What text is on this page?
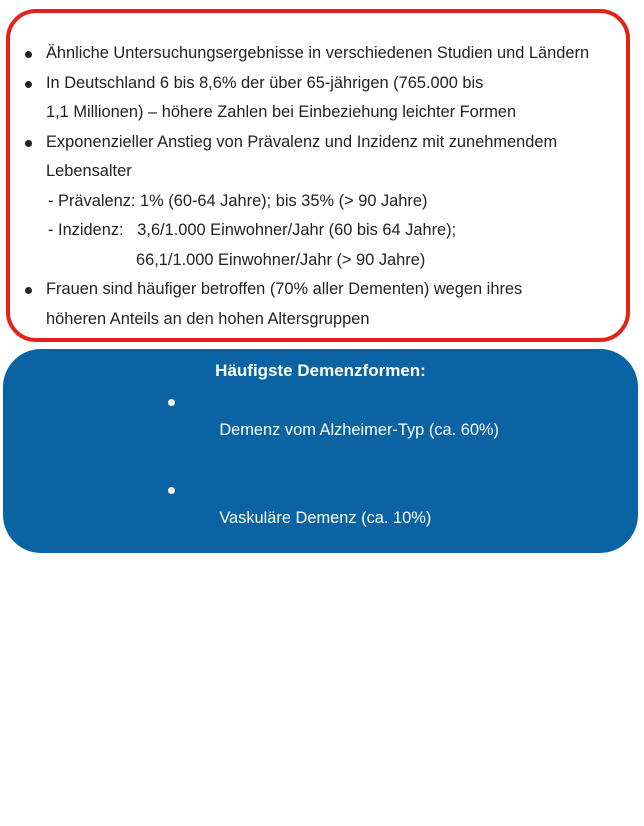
Ähnliche Untersuchungsergebnisse in verschiedenen Studien und Ländern
In Deutschland 6 bis 8,6% der über 65-jährigen (765.000 bis
1,1 Millionen) – höhere Zahlen bei Einbeziehung leichter Formen
Exponenzieller Anstieg von Prävalenz und Inzidenz mit zunehmendem
Lebensalter
- Prävalenz: 1% (60-64 Jahre); bis 35% (> 90 Jahre)
- Inzidenz:   3,6/1.000 Einwohner/Jahr (60 bis 64 Jahre);
66,1/1.000 Einwohner/Jahr (> 90 Jahre)
Frauen sind häufiger betroffen (70% aller Dementen) wegen ihres
höheren Anteils an den hohen Altersgruppen
Häufigste Demenzformen:

Demenz vom Alzheimer-Typ (ca. 60%)

Vaskuläre Demenz (ca. 10%)

Gemischte Demenz (ca. 10%)

Lewy-Körper-Demenz (ca. 10%)

Alle anderen Formen (ca. 10%)
